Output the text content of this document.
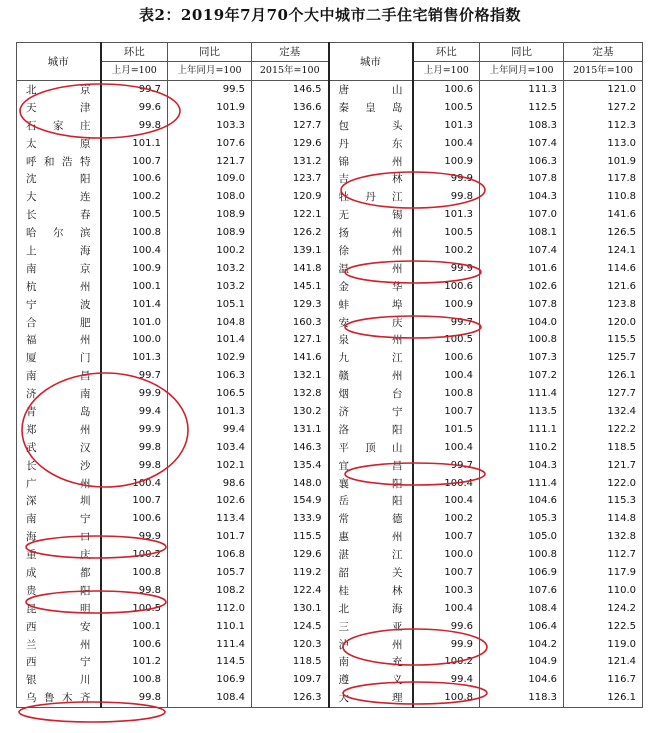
表2：2019年7月70个大中城市二手住宅销售价格指数
城市	环比	同比	定基	城市	环比	同比	定基
	上月=100	上年同月=100	2015年=100		上月=100	上年同月=100	2015年=100
北　京	99.7	99.5	146.5	唐　山	100.6	111.3	121.0
天　津	99.6	101.9	136.6	秦皇岛	100.5	112.5	127.2
石家庄	99.8	103.3	127.7	包　头	101.3	108.3	112.3
太　原	101.1	107.6	129.6	丹　东	100.4	107.4	113.0
呼和浩特	100.7	121.7	131.2	锦　州	100.9	106.3	101.9
沈　阳	100.6	109.0	123.7	吉　林	99.9	107.8	117.8
大　连	100.2	108.0	120.9	牡丹江	99.8	104.3	110.8
长　春	100.5	108.9	122.1	无　锡	101.3	107.0	141.6
哈尔滨	100.8	108.9	126.2	扬　州	100.5	108.1	126.5
上　海	100.4	100.2	139.1	徐　州	100.2	107.4	124.1
南　京	100.9	103.2	141.8	温　州	99.9	101.6	114.6
杭　州	100.1	103.2	145.1	金　华	100.6	102.6	121.6
宁　波	101.4	105.1	129.3	蚌　埠	100.9	107.8	123.8
合　肥	101.0	104.8	160.3	安　庆	99.7	104.0	120.0
福　州	100.0	101.4	127.1	泉　州	100.5	100.8	115.5
厦　门	101.3	102.9	141.6	九　江	100.6	107.3	125.7
南　昌	99.7	106.3	132.1	赣　州	100.4	107.2	126.1
济　南	99.9	106.5	132.8	烟　台	100.8	111.4	127.7
青　岛	99.4	101.3	130.2	济　宁	100.7	113.5	132.4
郑　州	99.9	99.4	131.1	洛　阳	101.5	111.1	122.2
武　汉	99.8	103.4	146.3	平顶山	100.4	110.2	118.5
长　沙	99.8	102.1	135.4	宜　昌	99.7	104.3	121.7
广　州	100.4	98.6	148.0	襄　阳	100.4	111.4	122.0
深　圳	100.7	102.6	154.9	岳　阳	100.4	104.6	115.3
南　宁	100.6	113.4	133.9	常　德	100.2	105.3	114.8
海　口	99.9	101.7	115.5	惠　州	100.7	105.0	132.8
重　庆	100.2	106.8	129.6	湛　江	100.0	100.8	112.7
成　都	100.8	105.7	119.2	韶　关	100.7	106.9	117.9
贵　阳	99.8	108.2	122.4	桂　林	100.3	107.6	110.0
昆　明	100.5	112.0	130.1	北　海	100.4	108.4	124.2
西　安	100.1	110.1	124.5	三　亚	99.6	106.4	122.5
兰　州	100.6	111.4	120.3	泸　州	99.9	104.2	119.0
西　宁	101.2	114.5	118.5	南　充	100.2	104.9	121.4
银　川	100.8	106.9	109.7	遵　义	99.4	104.6	116.7
乌鲁木齐	99.8	108.4	126.3	大　理	100.8	118.3	126.1
